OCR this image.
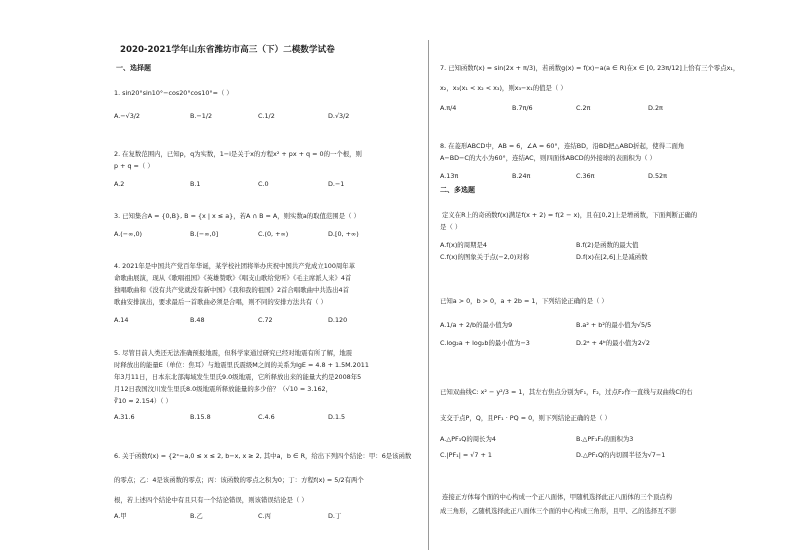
2020-2021学年山东省潍坊市高三（下）二模数学试卷
一、选择题
1. sin20°sin10°−cos20°cos10°=（ ）
A.−√3/2	B.−1/2	C.1/2	D.√3/2
2. 在复数范围内，已知p，q为实数，1−i是关于x的方程x² + px + q = 0的一个根，则
p + q =（ ）
A.2	B.1	C.0	D.−1
3. 已知集合A = {0,B}, B = {x | x ≤ a}，若A ∩ B = A，则实数a的取值范围是（ ）
A.(−∞,0)	B.(−∞,0]	C.(0, +∞)	D.[0, +∞)
4. 2021年是中国共产党百年华诞，某学校社团将举办庆祝中国共产党成立100周年革
命歌曲展演，现从《歌唱祖国》《英雄赞歌》《唱支山歌给党听》《毛主席派人来》4首
独唱歌曲和《没有共产党就没有新中国》《我和我的祖国》2首合唱歌曲中共选出4首
歌曲安排演出，要求最后一首歌曲必须是合唱，则不同的安排方法共有（ ）
A.14	B.48	C.72	D.120
5. 尽管目前人类还无法准确预报地震，但科学家通过研究已经对地震有所了解，地震
时释放出的能量E（单位：焦耳）与地震里氏震级M之间的关系为lgE = 4.8 + 1.5M.2011
年3月11日，日本东北部海域发生里氏9.0级地震，它所释放出来的能量大约是2008年5
月12日我国汶川发生里氏8.0级地震所释放能量的多少倍？（√10 = 3.162，
∛10 ≈ 2.154）（ ）
A.31.6	B.15.8	C.4.6	D.1.5
6. 关于函数f(x) = {2ˣ−a,0 ≤ x ≤ 2, b−x, x ≥ 2, 其中a，b ∈ R，给出下列四个结论：甲：6是该函数
的零点；乙：4是该函数的零点；丙：该函数的零点之积为0；丁：方程f(x) = 5/2有两个
根，若上述四个结论中有且只有一个结论错误，则该错误结论是（ ）
A.甲	B.乙	C.丙	D.丁
7. 已知函数f(x) = sin(2x + π/3)，若函数g(x) = f(x)−a(a ∈ R)在x ∈ [0, 23π/12]上恰有三个零点x₁，
x₂，x₃(x₁ < x₂ < x₃)，则x₃−x₁的值是（ ）
A.π/4	B.7π/6	C.2π	D.2π
8. 在菱形ABCD中，AB = 6，∠A = 60°，连结BD，沿BD把△ABD折起，使得二面角
A−BD−C的大小为60°，连结AC，则四面体ABCD的外接球的表面积为（ ）
A.13π	B.24π	C.36π	D.52π
二、多选题
定义在R上的奇函数f(x)满足f(x + 2) = f(2 − x)，且在[0,2]上是增函数，下面判断正确的
是（ ）
A.f(x)的周期是4	B.f(2)是函数的最大值
C.f(x)的图象关于点(−2,0)对称	D.f(x)在[2,6]上是减函数
已知a > 0，b > 0，a + 2b = 1，下列结论正确的是（ ）
A.1/a + 2/b的最小值为9	B.a² + b²的最小值为√5/5
C.log₂a + log₂b的最小值为−3	D.2ᵃ + 4ᵇ的最小值为2√2
已知双曲线C: x² − y²/3 = 1，其左右焦点分别为F₁，F₂，过点F₂作一直线与双曲线C的右
支交于点P，Q，且PF₁ · PQ = 0，则下列结论正确的是（ ）
A.△PF₁Q的周长为4	B.△PF₁F₂的面积为3
C.|PF₁| = √7 + 1	D.△PF₁Q的内切圆半径为√7−1
连接正方体每个面的中心构成一个正八面体，甲随机选择此正八面体的三个顶点构
成三角形，乙随机选择此正八面体三个面的中心构成三角形，且甲、乙的选择互不影
